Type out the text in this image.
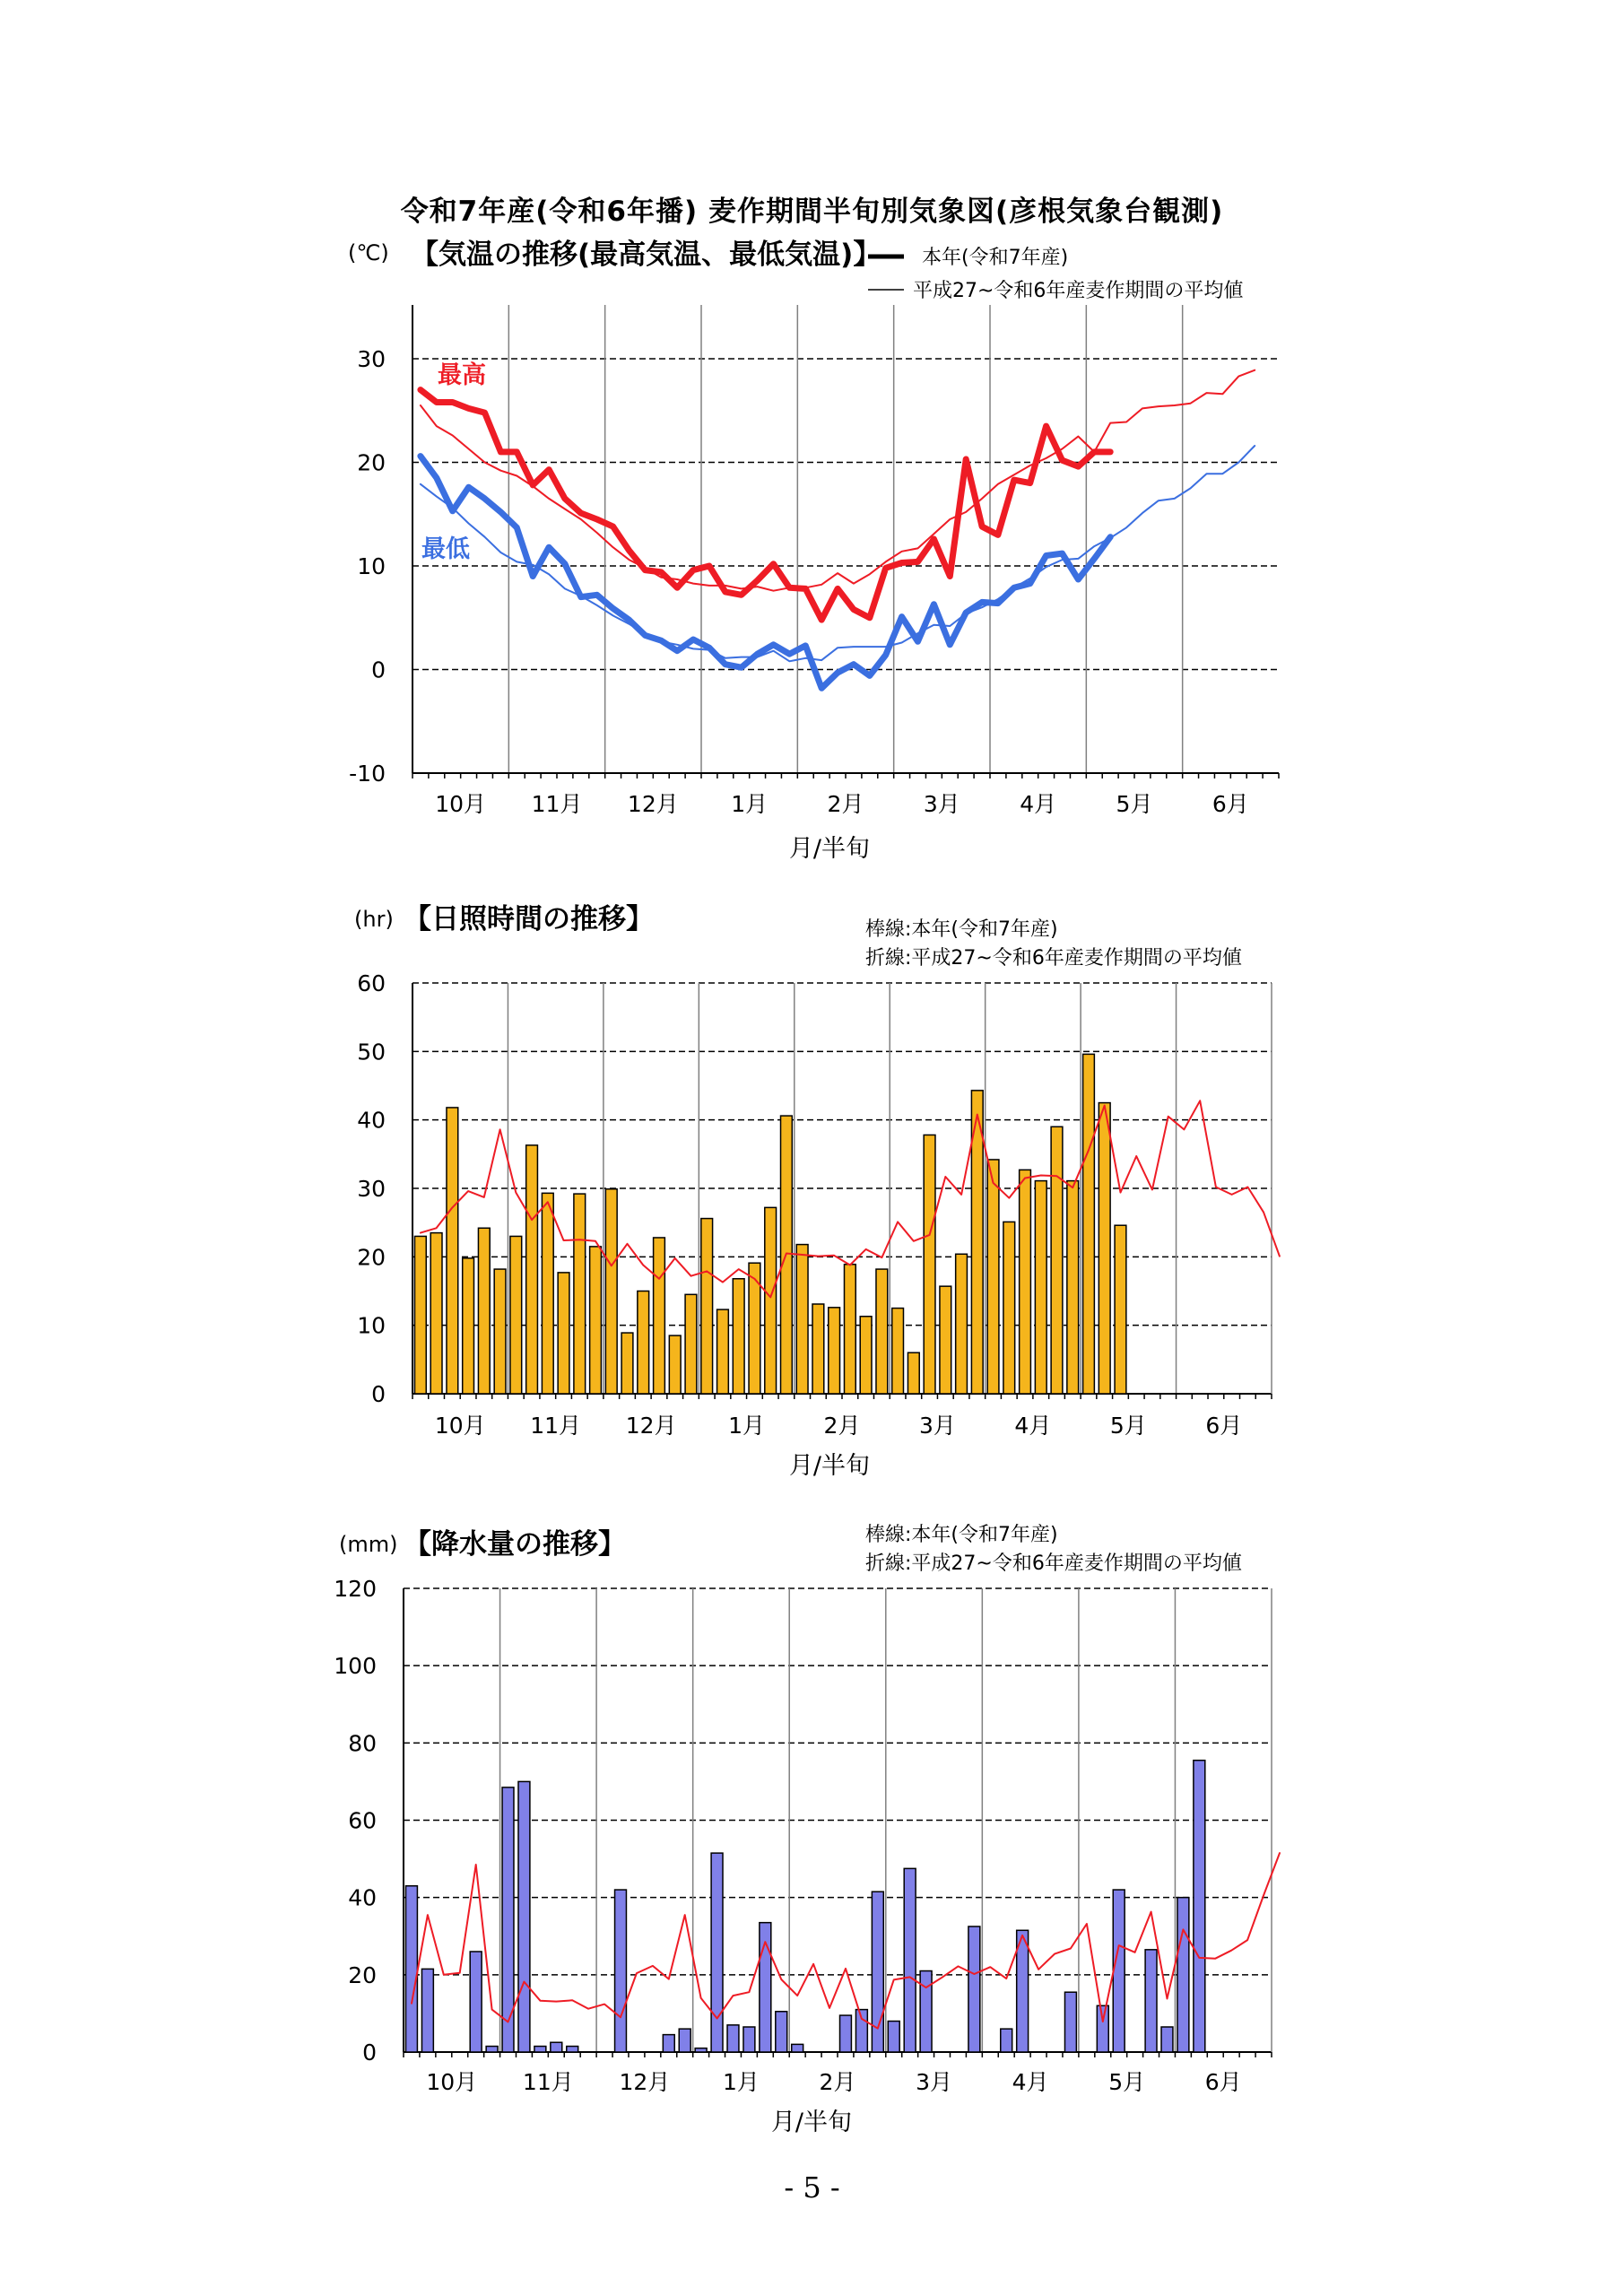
令和7年産(令和6年播) 麦作期間半旬別気象図(彦根気象台観測)
(℃) 【気温の推移(最高気温、最低気温)】 本年(令和7年産)
平成27~令和6年産麦作期間の平均値
30
20
10
0
-10
10月 11月 12月 1月	2月	3月	4月	5月	6月
最高
最低
月/半旬
(hr) 【日照時間の推移】	棒線:本年(令和7年産)
折線:平成27~令和6年産麦作期間の平均値
60
50
40
30
20
10
0
10月 11月 12月 1月	2月	3月	4月	5月	6月
月/半旬
(mm) 【降水量の推移】	棒線:本年(令和7年産)
折線:平成27~令和6年産麦作期間の平均値
120
100
80
60
40
20
0
10月 11月 12月 1月	2月	3月	4月	5月	6月
月/半旬
- 5 -
